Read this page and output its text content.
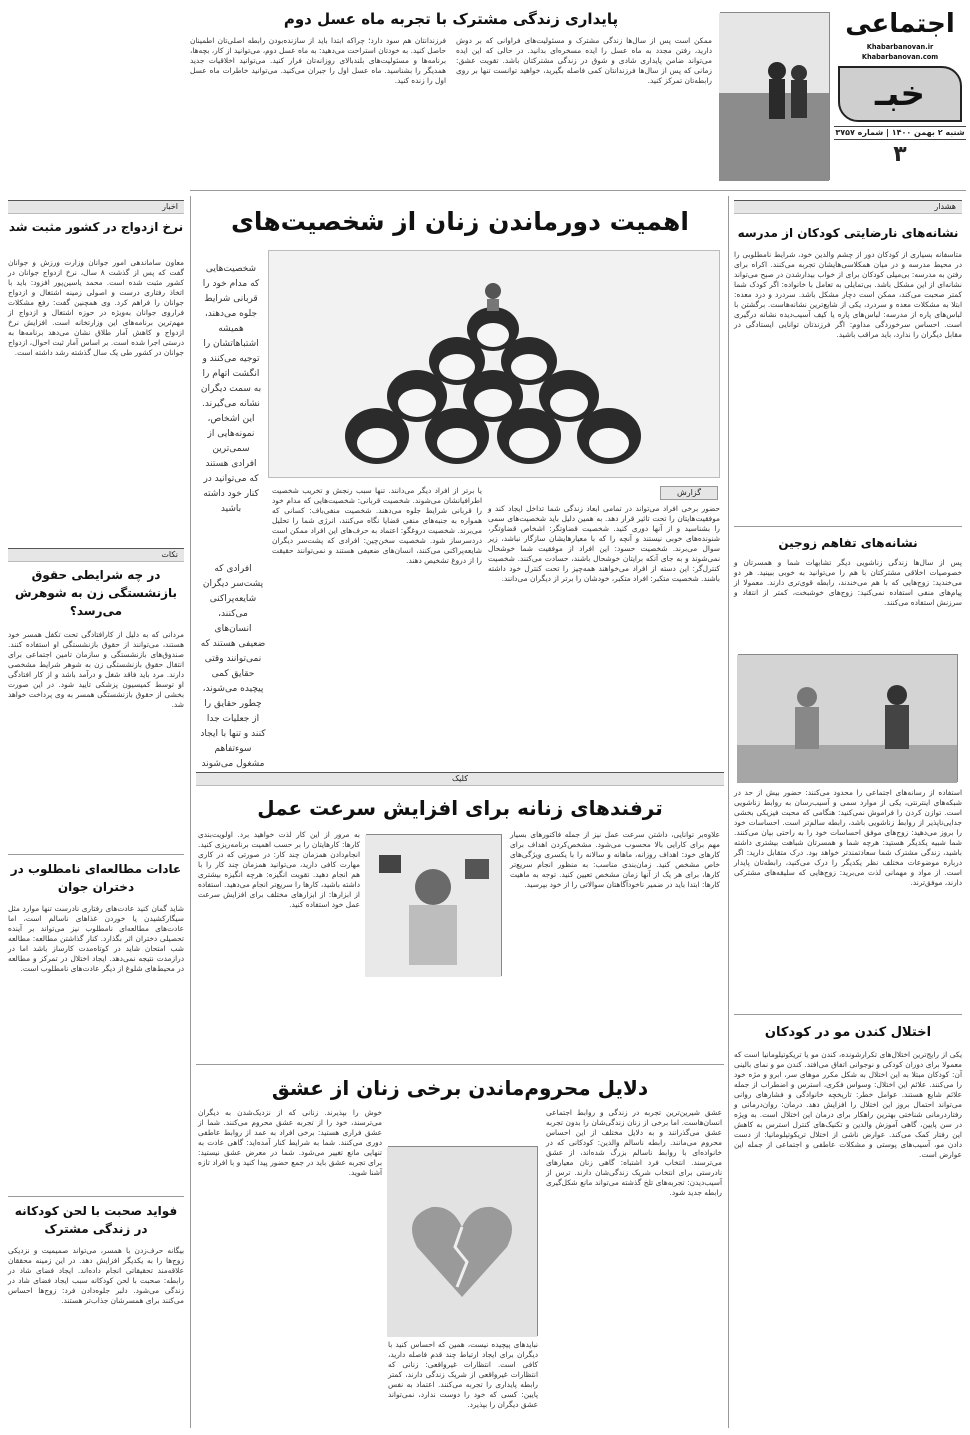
اجتماعی
Khabarbanovan.ir Khabarbanovan.com
خبـ
شنبه ۲ بهمن ۱۴۰۰ | شماره ۳۷۵۷
۳
پایداری زندگی مشترک با تجربه ماه عسل دوم
ممکن است پس از سال‌ها زندگی مشترک و مسئولیت‌های فراوانی که بر دوش دارید، رفتن مجدد به ماه عسل را ایده مسخره‌ای بدانید. در حالی که این ایده می‌تواند ضامن پایداری شادی و شوق در زندگی مشترکتان باشد. تقویت عشق: زمانی که پس از سال‌ها فرزندانتان کمی فاصله بگیرید، خواهید توانست تنها بر روی رابطه‌تان تمرکز کنید.
فرزندانتان هم سود دارد؛ چراکه ابتدا باید از سازنده‌بودن رابطه اصلی‌تان اطمینان حاصل کنید. به خودتان استراحت می‌دهید: به ماه عسل دوم، می‌توانید از کار، بچه‌ها، برنامه‌ها و مسئولیت‌های بلندبالای روزانه‌تان فرار کنید. می‌توانید اخلاقیات جدید همدیگر را بشناسید. ماه عسل اول را جبران می‌کنید. می‌توانید خاطرات ماه عسل اول را زنده کنید.
اخبار
نرخ ازدواج در کشور مثبت شد
معاون ساماندهی امور جوانان وزارت ورزش و جوانان گفت که پس از گذشت ۸ سال، نرخ ازدواج جوانان در کشور مثبت شده است. محمد یاسین‌پور افزود: باید با اتخاذ رفتاری درست و اصولی زمینه اشتغال و ازدواج جوانان را فراهم کرد. وی همچنین گفت: رفع مشکلات فراروی جوانان به‌ویژه در حوزه اشتغال و ازدواج از مهم‌ترین برنامه‌های این وزارتخانه است. افزایش نرخ ازدواج و کاهش آمار طلاق نشان می‌دهد برنامه‌ها به درستی اجرا شده است. بر اساس آمار ثبت احوال، ازدواج جوانان در کشور طی یک سال گذشته رشد داشته است.
نکات
در چه شرایطی حقوق بازنشستگی زن به شوهرش می‌رسد؟
مردانی که به دلیل از کارافتادگی تحت تکفل همسر خود هستند، می‌توانند از حقوق بازنشستگی او استفاده کنند. صندوق‌های بازنشستگی و سازمان تامین اجتماعی برای انتقال حقوق بازنشستگی زن به شوهر شرایط مشخصی دارند. مرد باید فاقد شغل و درآمد باشد و از کار افتادگی او توسط کمیسیون پزشکی تایید شود. در این صورت بخشی از حقوق بازنشستگی همسر به وی پرداخت خواهد شد.
عادات مطالعه‌ای نامطلوب در دختران جوان
شاید گمان کنید عادت‌های رفتاری نادرست تنها موارد مثل سیگارکشیدن یا خوردن غذاهای ناسالم است، اما عادت‌های مطالعه‌ای نامطلوب نیز می‌تواند بر آینده تحصیلی دختران اثر بگذارد. کنار گذاشتن مطالعه: مطالعه شب امتحان شاید در کوتاه‌مدت کارساز باشد اما در درازمدت نتیجه نمی‌دهد. ایجاد اختلال در تمرکز و مطالعه در محیط‌های شلوغ از دیگر عادت‌های نامطلوب است.
فواید صحبت با لحن کودکانه در زندگی مشترک
بیگانه حرف‌زدن با همسر، می‌تواند صمیمیت و نزدیکی زوج‌ها را به یکدیگر افزایش دهد. در این زمینه محققان علاقه‌مند تحقیقاتی انجام داده‌اند. ایجاد فضای شاد در رابطه: صحبت با لحن کودکانه سبب ایجاد فضای شاد در زندگی می‌شود. دلبر جلوه‌دادن فرد: زوج‌ها احساس می‌کنند برای همسرشان جذاب‌تر هستند.
اهمیت دورماندن زنان از شخصیت‌های
شخصیت‌هایی که مدام خود را قربانی شرایط جلوه می‌دهند، همیشه اشتباهاتشان را توجیه می‌کنند و انگشت اتهام را به سمت دیگران نشانه می‌گیرند. این اشخاص، نمونه‌هایی از سمی‌ترین افرادی هستند که می‌توانید در کنار خود داشته باشید
گزارش
حضور برخی افراد می‌تواند در تمامی ابعاد زندگی شما تداخل ایجاد کند و موفقیت‌هایتان را تحت تاثیر قرار دهد. به همین دلیل باید شخصیت‌های سمی را بشناسید و از آنها دوری کنید. شخصیت قضاوتگر: اشخاص قضاوتگر، شنونده‌های خوبی نیستند و آنچه را که با معیارهایشان سازگار نباشد، زیر سوال می‌برند. شخصیت حسود: این افراد از موفقیت شما خوشحال نمی‌شوند و به جای آنکه برایتان خوشحال باشند، حسادت می‌کنند. شخصیت کنترل‌گر: این دسته از افراد می‌خواهند همه‌چیز را تحت کنترل خود داشته باشند. شخصیت متکبر: افراد متکبر، خودشان را برتر از دیگران می‌دانند.
یا برتر از افراد دیگر می‌دانند. تنها سبب رنجش و تخریب شخصیت اطرافیانشان می‌شوند. شخصیت قربانی: شخصیت‌هایی که مدام خود را قربانی شرایط جلوه می‌دهند. شخصیت منفی‌باف: کسانی که همواره به جنبه‌های منفی قضایا نگاه می‌کنند، انرژی شما را تحلیل می‌برند. شخصیت دروغگو: اعتماد به حرف‌های این افراد ممکن است دردسرساز شود. شخصیت سخن‌چین: افرادی که پشت‌سر دیگران شایعه‌پراکنی می‌کنند، انسان‌های ضعیفی هستند و نمی‌توانند حقیقت را از دروغ تشخیص دهند.
افرادی که پشت‌سر دیگران شایعه‌پراکنی می‌کنند، انسان‌های ضعیفی هستند که نمی‌توانند وقتی حقایق کمی پیچیده می‌شوند، چطور حقایق را از جعلیات جدا کنند و تنها با ایجاد سوءتفاهم مشغول می‌شوند
کلیک
ترفندهای زنانه برای افزایش سرعت عمل
علاوه‌بر توانایی، داشتن سرعت عمل نیز از جمله فاکتورهای بسیار مهم برای کارایی بالا محسوب می‌شود. مشخص‌کردن اهداف برای کارهای خود: اهداف روزانه، ماهانه و سالانه را با یکسری ویژگی‌های خاص مشخص کنید. زمان‌بندی مناسب: به منظور انجام سریع‌تر کارها، برای هر یک از آنها زمان مشخص تعیین کنید. توجه به ماهیت کارها: ابتدا باید در ضمیر ناخودآگاهتان سوالاتی را از خود بپرسید.
به مرور از این کار لذت خواهید برد. اولویت‌بندی کارها: کارهایتان را بر حسب اهمیت برنامه‌ریزی کنید. انجام‌دادن همزمان چند کار: در صورتی که در کاری مهارت کافی دارید، می‌توانید همزمان چند کار را با هم انجام دهید. تقویت انگیزه: هرچه انگیزه بیشتری داشته باشید، کارها را سریع‌تر انجام می‌دهید. استفاده از ابزارها: از ابزارهای مختلف برای افزایش سرعت عمل خود استفاده کنید.
دلایل محروم‌ماندن برخی زنان از عشق
عشق شیرین‌ترین تجربه در زندگی و روابط اجتماعی انسان‌هاست. اما برخی از زنان زندگی‌شان را بدون تجربه عشق می‌گذرانند و به دلایل مختلف از این احساس محروم می‌مانند. رابطه ناسالم والدین: کودکانی که در خانواده‌ای با روابط ناسالم بزرگ شده‌اند، از عشق می‌ترسند. انتخاب فرد اشتباه: گاهی زنان معیارهای نادرستی برای انتخاب شریک زندگی‌شان دارند. ترس از آسیب‌دیدن: تجربه‌های تلخ گذشته می‌تواند مانع شکل‌گیری رابطه جدید شود.
خوش را بپذیرند. زنانی که از نزدیک‌شدن به دیگران می‌ترسند، خود را از تجربه عشق محروم می‌کنند. شما از عشق فراری هستید: برخی افراد به عمد از روابط عاطفی دوری می‌کنند. شما به شرایط کنار آمده‌اید: گاهی عادت به تنهایی مانع تغییر می‌شود. شما در معرض عشق نیستید: برای تجربه عشق باید در جمع حضور پیدا کنید و با افراد تازه آشنا شوید.
نبایدهای پیچیده نیست، همین که احساس کنید با دیگران برای ایجاد ارتباط چند قدم فاصله دارید، کافی است. انتظارات غیرواقعی: زنانی که انتظارات غیرواقعی از شریک زندگی دارند، کمتر رابطه پایداری را تجربه می‌کنند. اعتماد به نفس پایین: کسی که خود را دوست ندارد، نمی‌تواند عشق دیگران را بپذیرد.
هشدار
نشانه‌های نارضایتی کودکان از مدرسه
متاسفانه بسیاری از کودکان دور از چشم والدین خود، شرایط نامطلوبی را در محیط مدرسه و در میان همکلاسی‌هایشان تجربه می‌کنند. اکراه برای رفتن به مدرسه: بی‌میلی کودکان برای از خواب بیدارشدن در صبح می‌تواند نشانه‌ای از این مشکل باشد. بی‌تمایلی به تعامل با خانواده: اگر کودک شما کمتر صحبت می‌کند، ممکن است دچار مشکل باشد. سردرد و درد معده: ابتلا به مشکلات معده و سردرد، یکی از شایع‌ترین نشانه‌هاست. برگشتن با لباس‌های پاره از مدرسه: لباس‌های پاره یا کیف آسیب‌دیده نشانه درگیری است. احساس سرخوردگی مداوم: اگر فرزندتان توانایی ایستادگی در مقابل دیگران را ندارد، باید مراقب باشید.
نشانه‌های تفاهم زوجین
پس از سال‌ها زندگی زناشویی دیگر تشابهات شما و همسرتان و خصوصیات اخلاقی مشترکتان با هم را می‌توانید به خوبی ببینید. هر دو می‌خندید: زوج‌هایی که با هم می‌خندند، رابطه قوی‌تری دارند. معمولا از پیام‌های منفی استفاده نمی‌کنید: زوج‌های خوشبخت، کمتر از انتقاد و سرزنش استفاده می‌کنند.
استفاده از رسانه‌های اجتماعی را محدود می‌کنند: حضور بیش از حد در شبکه‌های اینترنتی، یکی از موارد سمی و آسیب‌رسان به روابط زناشویی است. توازن کردن را فراموش نمی‌کنید: هنگامی که محبت فیزیکی بخشی جدایی‌ناپذیر از روابط زناشویی باشد، رابطه سالم‌تر است. احساسات خود را بروز می‌دهید: زوج‌های موفق احساسات خود را به راحتی بیان می‌کنند. شما شبیه یکدیگر هستید: هرچه شما و همسرتان شباهت بیشتری داشته باشید، زندگی مشترک شما سعادتمندتر خواهد بود. درک متقابل دارید: اگر درباره موضوعات مختلف نظر یکدیگر را درک می‌کنید، رابطه‌تان پایدار است. از مواد و مهمانی لذت می‌برید: زوج‌هایی که سلیقه‌های مشترکی دارند، موفق‌ترند.
اختلال کندن مو در کودکان
یکی از رایج‌ترین اختلال‌های تکرارشونده، کندن مو یا تریکوتیلومانیا است که معمولا برای دوران کودکی و نوجوانی اتفاق می‌افتد. کندن مو و نمای بالینی آن: کودکان مبتلا به این اختلال به شکل مکرر موهای سر، ابرو و مژه خود را می‌کنند. علائم این اختلال: وسواس فکری، استرس و اضطراب از جمله علائم شایع هستند. عوامل خطر: تاریخچه خانوادگی و فشارهای روانی می‌تواند احتمال بروز این اختلال را افزایش دهد. درمان: روان‌درمانی و رفتاردرمانی شناختی بهترین راهکار برای درمان این اختلال است. به ویژه در سن پایین، گاهی آموزش والدین و تکنیک‌های کنترل استرس به کاهش این رفتار کمک می‌کند. عوارض ناشی از اختلال تریکوتیلومانیا: از دست دادن مو، آسیب‌های پوستی و مشکلات عاطفی و اجتماعی از جمله این عوارض است.
